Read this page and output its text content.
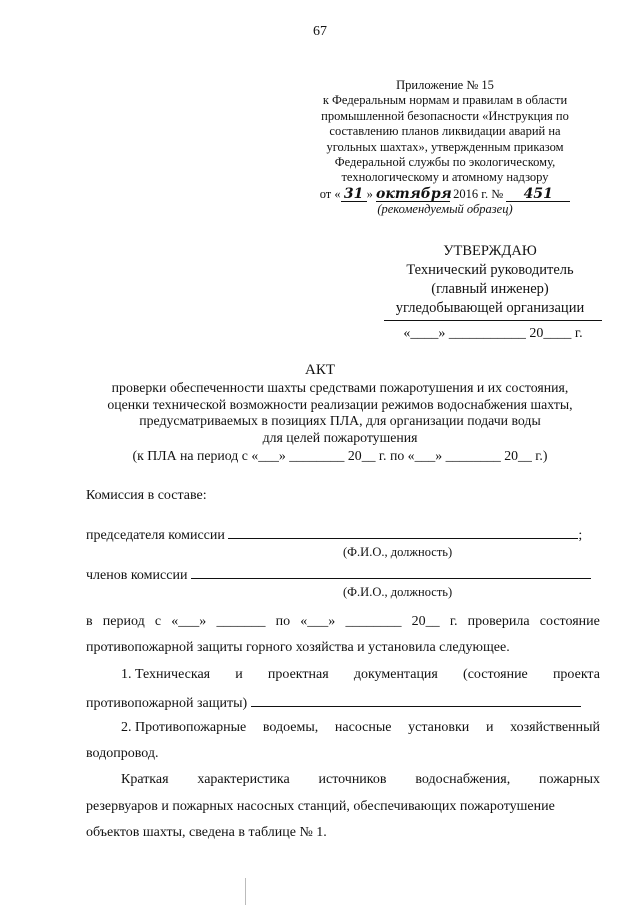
67
Приложение № 15
к Федеральным нормам и правилам в области
промышленной безопасности «Инструкция по
составлению планов ликвидации аварий на
угольных шахтах», утвержденным приказом
Федеральной службы по экологическому,
технологическому и атомному надзору
от « 31 » октября 2016 г. № 451
(рекомендуемый образец)
УТВЕРЖДАЮ
Технический руководитель
(главный инженер)
угледобывающей организации
«____» ___________ 20____ г.
АКТ
проверки обеспеченности шахты средствами пожаротушения и их состояния,
оценки технической возможности реализации режимов водоснабжения шахты,
предусматриваемых в позициях ПЛА, для организации подачи воды
для целей пожаротушения
(к ПЛА на период с «___» ________ 20__ г. по «___» ________ 20__ г.)
Комиссия в составе:
председателя комиссии	;
(Ф.И.О., должность)
членов комиссии
(Ф.И.О., должность)
в период с «___» _______ по «___» ________ 20__ г. проверила состояние
противопожарной защиты горного хозяйства и установила следующее.
1. Техническая и проектная документация (состояние проекта
противопожарной защиты)
2. Противопожарные водоемы, насосные установки и хозяйственный
водопровод.
Краткая характеристика источников водоснабжения, пожарных
резервуаров и пожарных насосных станций, обеспечивающих пожаротушение
объектов шахты, сведена в таблице № 1.
